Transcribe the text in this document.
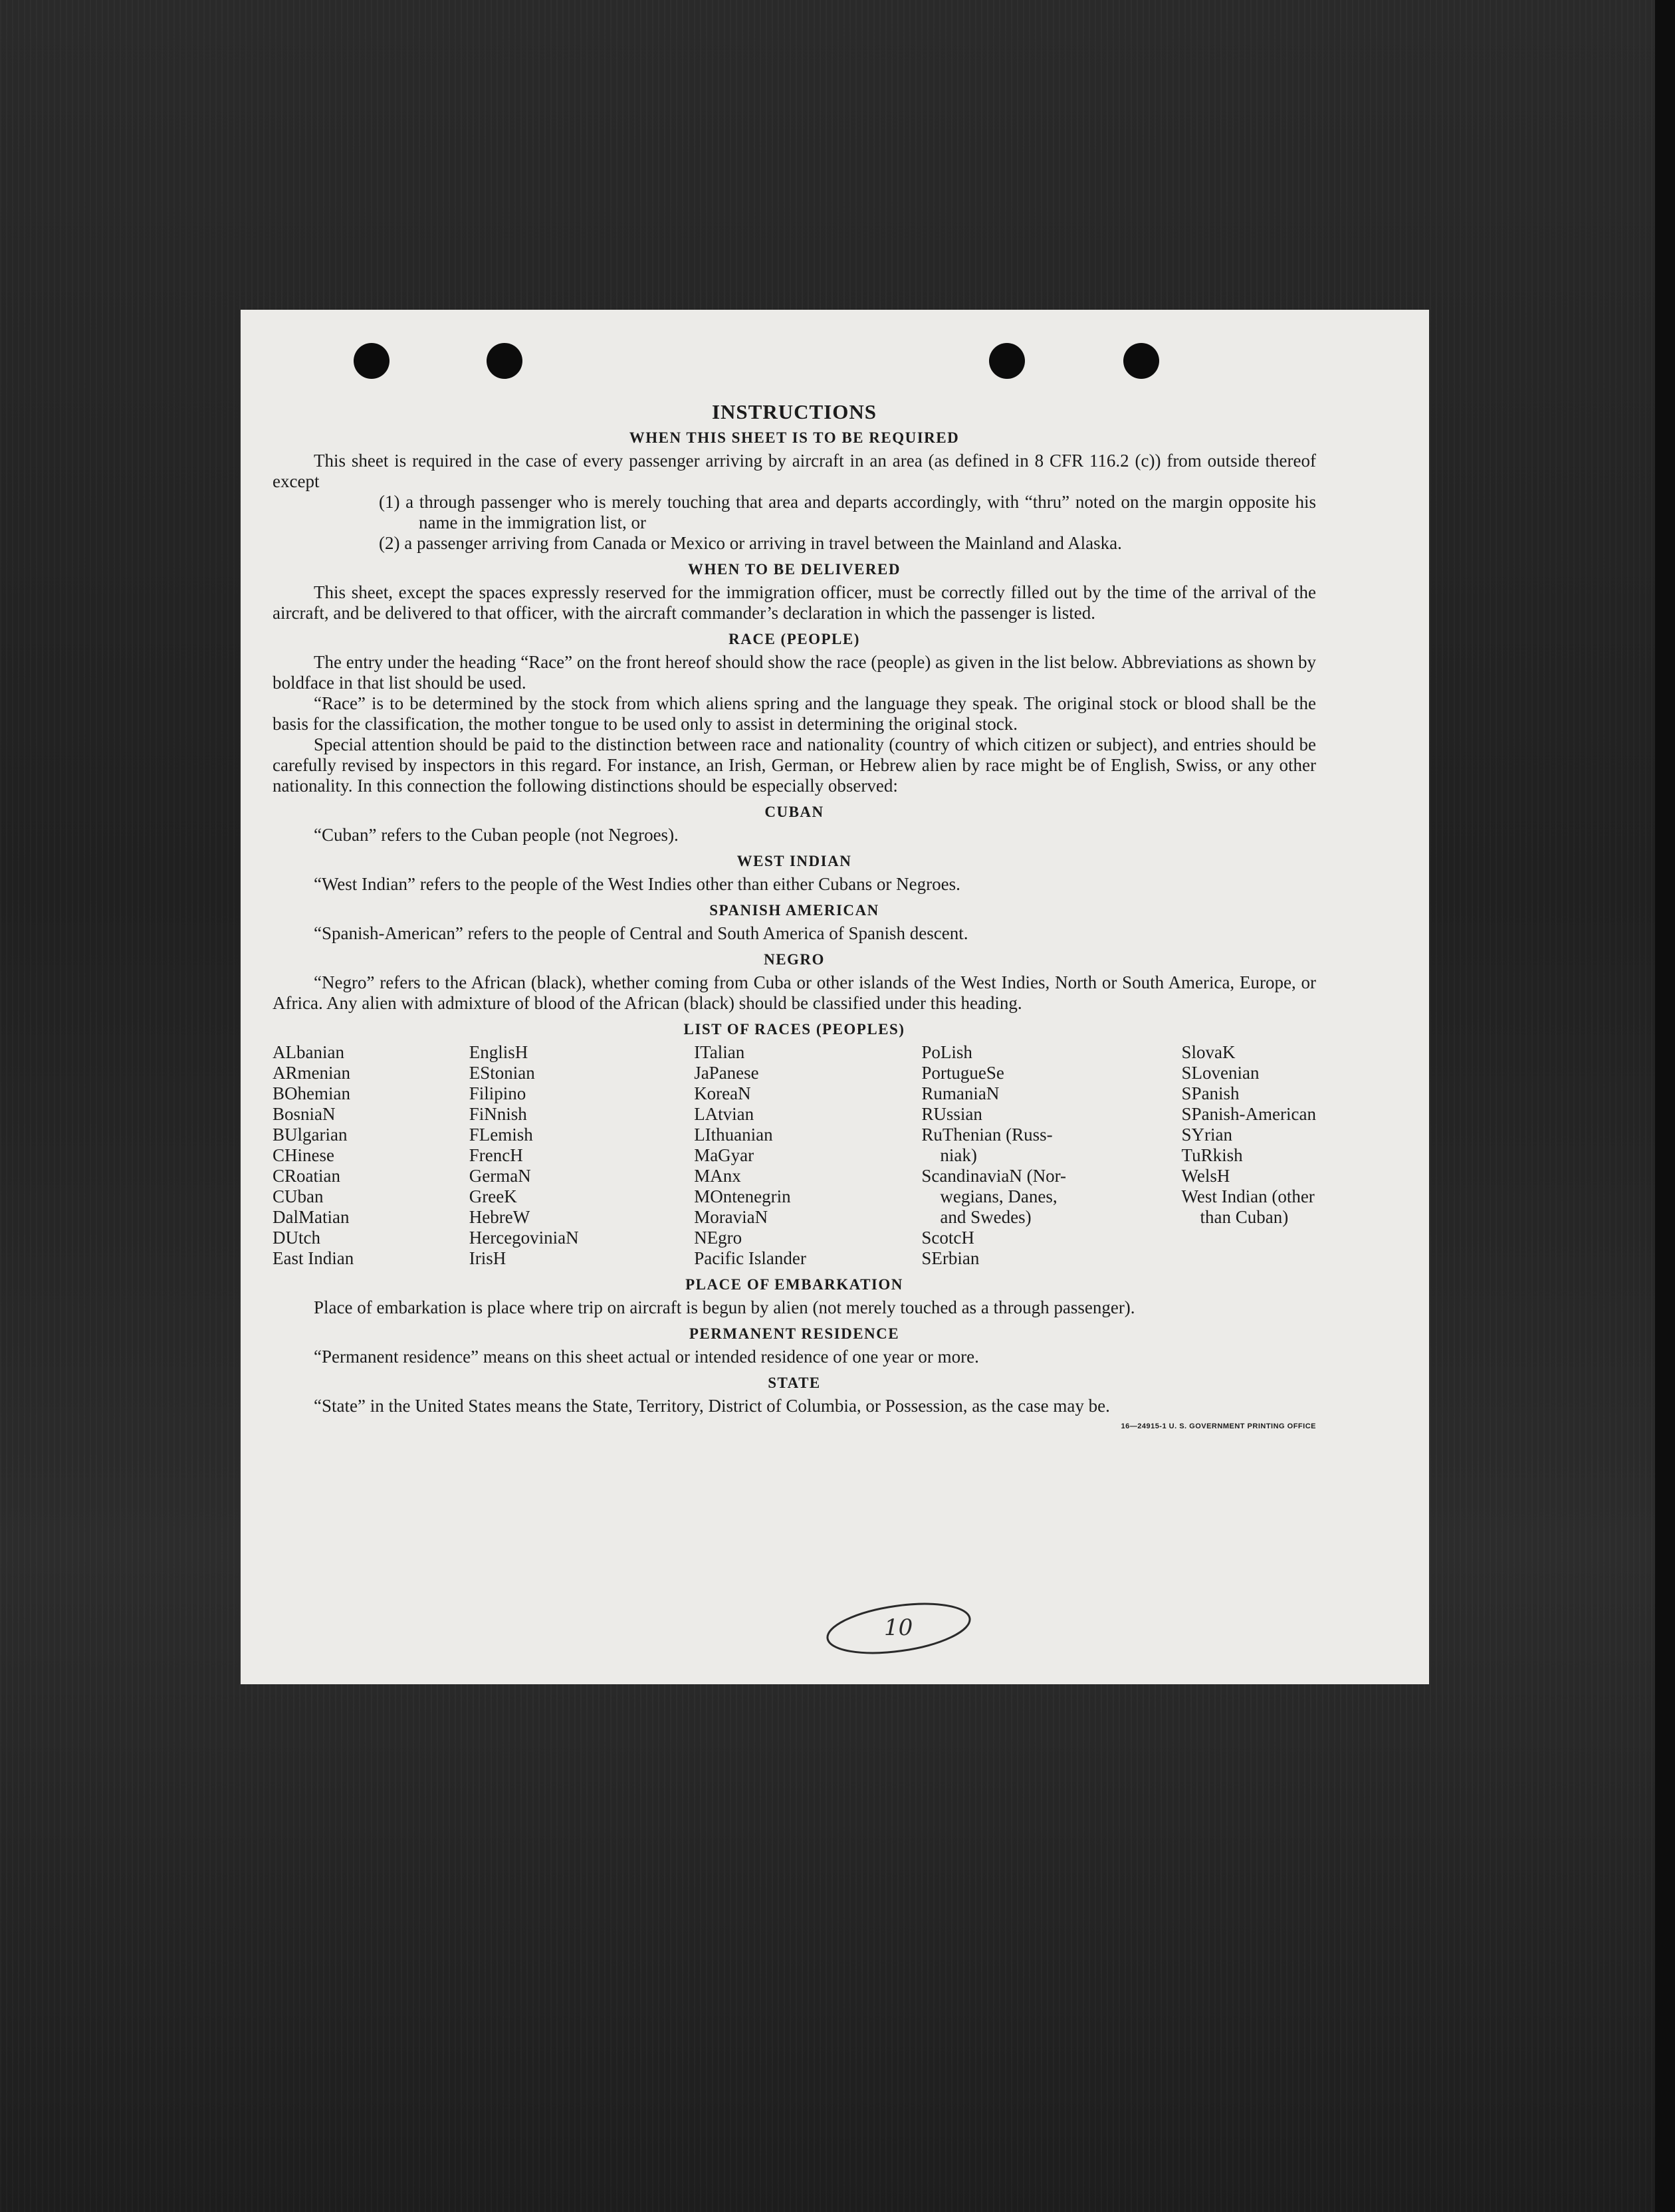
INSTRUCTIONS
WHEN THIS SHEET IS TO BE REQUIRED

This sheet is required in the case of every passenger arriving by aircraft in an area (as defined in 8 CFR 116.2 (c)) from outside thereof except

(1) a through passenger who is merely touching that area and departs accordingly, with “thru” noted on the margin opposite his name in the immigration list, or

(2) a passenger arriving from Canada or Mexico or arriving in travel between the Mainland and Alaska.

WHEN TO BE DELIVERED

This sheet, except the spaces expressly reserved for the immigration officer, must be correctly filled out by the time of the arrival of the aircraft, and be delivered to that officer, with the aircraft commander’s declaration in which the passenger is listed.

RACE (PEOPLE)

The entry under the heading “Race” on the front hereof should show the race (people) as given in the list below. Abbreviations as shown by boldface in that list should be used.

“Race” is to be determined by the stock from which aliens spring and the language they speak. The original stock or blood shall be the basis for the classification, the mother tongue to be used only to assist in determining the original stock.

Special attention should be paid to the distinction between race and nationality (country of which citizen or subject), and entries should be carefully revised by inspectors in this regard. For instance, an Irish, German, or Hebrew alien by race might be of English, Swiss, or any other nationality. In this connection the following distinctions should be especially observed:

CUBAN

“Cuban” refers to the Cuban people (not Negroes).

WEST INDIAN

“West Indian” refers to the people of the West Indies other than either Cubans or Negroes.

SPANISH AMERICAN

“Spanish-American” refers to the people of Central and South America of Spanish descent.

NEGRO

“Negro” refers to the African (black), whether coming from Cuba or other islands of the West Indies, North or South America, Europe, or Africa. Any alien with admixture of blood of the African (black) should be classified under this heading.

LIST OF RACES (PEOPLES)
ALbanian
ARmenian
BOhemian
BosniaN
BUlgarian
CHinese
CRoatian
CUban
DalMatian
DUtch
East Indian
EnglisH
EStonian
Filipino
FiNnish
FLemish
FrencH
GermaN
GreeK
HebreW
HercegoviniaN
IrisH
ITalian
JaPanese
KoreaN
LAtvian
LIthuanian
MaGyar
MAnx
MOntenegrin
MoraviaN
NEgro
Pacific Islander
PoLish
PortugueSe
RumaniaN
RUssian
RuThenian (Russ-
niak)
ScandinaviaN (Nor-
wegians, Danes,
and Swedes)
ScotcH
SErbian
SlovaK
SLovenian
SPanish
SPanish-American
SYrian
TuRkish
WelsH
West Indian (other
than Cuban)
PLACE OF EMBARKATION

Place of embarkation is place where trip on aircraft is begun by alien (not merely touched as a through passenger).

PERMANENT RESIDENCE

“Permanent residence” means on this sheet actual or intended residence of one year or more.

STATE

“State” in the United States means the State, Territory, District of Columbia, or Possession, as the case may be.

16—24915-1 U. S. GOVERNMENT PRINTING OFFICE
10
